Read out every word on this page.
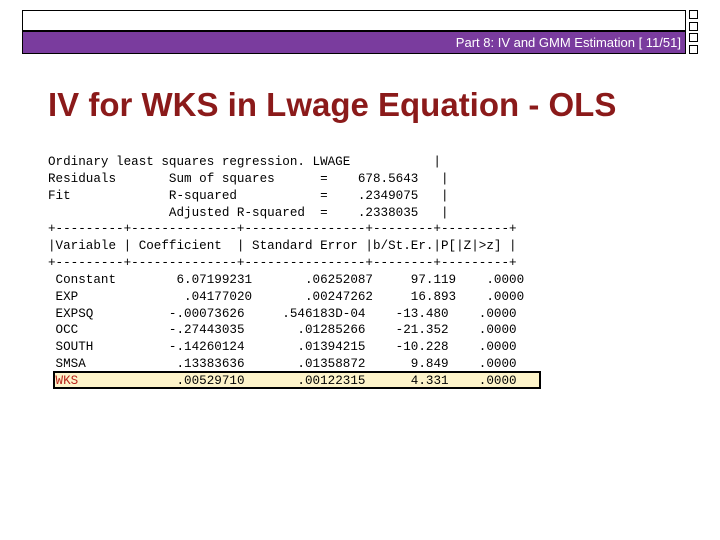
Part 8: IV and GMM Estimation [ 11/51]
IV for WKS in Lwage Equation - OLS
Ordinary least squares regression. LWAGE           |
Residuals       Sum of squares      =    678.5643   |
Fit             R-squared           =    .2349075   |
Adjusted R-squared  =    .2338035   |
+---------+--------------+----------------+--------+---------+
|Variable | Coefficient  | Standard Error |b/St.Er.|P[|Z|>z] |
+---------+--------------+----------------+--------+---------+
Constant        6.07199231       .06252087     97.119    .0000
EXP              .04177020       .00247262     16.893    .0000
EXPSQ          -.00073626     .546183D-04    -13.480    .0000
OCC            -.27443035       .01285266    -21.352    .0000
SOUTH          -.14260124       .01394215    -10.228    .0000
SMSA            .13383636       .01358872      9.849    .0000
WKS             .00529710       .00122315      4.331    .0000
